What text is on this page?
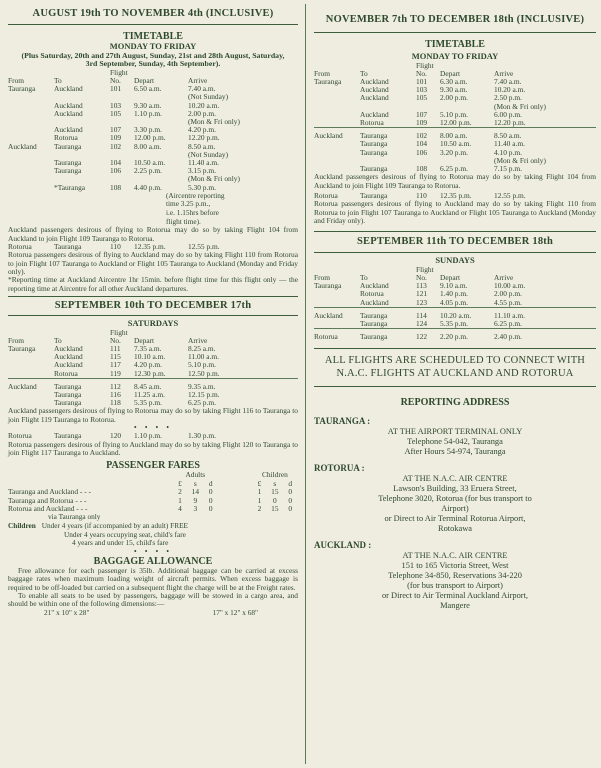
AUGUST 19th TO NOVEMBER 4th (INCLUSIVE)
TIMETABLE
MONDAY TO FRIDAY
(Plus Saturday, 20th and 27th August, Sunday, 21st and 28th August, Saturday, 3rd September, Sunday, 4th September).
		Flight		
From	To	No.	Depart	Arrive
Tauranga	Auckland	101	6.50 a.m.	7.40 a.m.
				(Not Sunday)
	Auckland	103	9.30 a.m.	10.20 a.m.
	Auckland	105	1.10 p.m.	2.00 p.m.
				(Mon & Fri only)
	Auckland	107	3.30 p.m.	4.20 p.m.
	Rotorua	109	12.00 p.m.	12.20 p.m.
Auckland	Tauranga	102	8.00 a.m.	8.50 a.m.
				(Not Sunday)
	Tauranga	104	10.50 a.m.	11.40 a.m.
	Tauranga	106	2.25 p.m.	3.15 p.m.
				(Mon & Fri only)
	*Tauranga	108	4.40 p.m.	5.30 p.m.
(Aircentre reporting
time 3.25 p.m.,
i.e. 1.15hrs before
flight time).

Auckland passengers desirous of flying to Rotorua may do so by taking Flight 104 from Auckland to join Flight 109 Tauranga to Rotorua.

Rotorua	Tauranga	110	12.35 p.m.	12.55 p.m.

Rotorua passengers desirous of flying to Auckland may do so by taking Flight 110 from Rotorua to join Flight 107 Tauranga to Auckland or Flight 105 Tauranga to Auckland (Monday and Friday only).

*Reporting time at Auckland Aircentre 1hr 15min. before flight time for this flight only — the reporting time at Aircentre for all other Auckland departures.

SEPTEMBER 10th TO DECEMBER 17th
SATURDAYS
		Flight		
From	To	No.	Depart	Arrive
Tauranga	Auckland	111	7.35 a.m.	8.25 a.m.
	Auckland	115	10.10 a.m.	11.00 a.m.
	Auckland	117	4.20 p.m.	5.10 p.m.
	Rotorua	119	12.30 p.m.	12.50 p.m.

Auckland	Tauranga	112	8.45 a.m.	9.35 a.m.
	Tauranga	116	11.25 a.m.	12.15 p.m.
	Tauranga	118	5.35 p.m.	6.25 p.m.

Auckland passengers desirous of flying to Rotorua may do so by taking Flight 116 to Tauranga to join Flight 119 Tauranga to Rotorua.

• • • •
Rotorua	Tauranga	120	1.10 p.m.	1.30 p.m.

Rotorua passengers desirous of flying to Auckland may do so by taking Flight 120 to Tauranga to join Flight 117 Tauranga to Auckland.

PASSENGER FARES
	Adults				Children		
	£	s	d		£	s	d
Tauranga and Auckland - - -	2	14	0		1	15	0
Tauranga and Rotorua - - -	1	9	0		1	0	0
Rotorua and Auckland - - -	4	3	0		2	15	0
via Tauranga only
Children Under 4 years (if accompanied by an adult) FREE
Under 4 years occupying seat, child's fare
4 years and under 15, child's fare
• • • •
BAGGAGE ALLOWANCE

Free allowance for each passenger is 35lb. Additional baggage can be carried at excess baggage rates when maximum loading weight of aircraft permits. When excess baggage is required to be off-loaded but carried on a subsequent flight the charge will be at the Freight rates.

To enable all seats to be used by passengers, baggage will be stowed in a cargo area, and should be within one of the following dimensions:—

21" x 10" x 28"	17" x 12" x 68"
NOVEMBER 7th TO DECEMBER 18th (INCLUSIVE)
TIMETABLE
MONDAY TO FRIDAY
		Flight		
From	To	No.	Depart	Arrive
Tauranga	Auckland	101	6.30 a.m.	7.40 a.m.
	Auckland	103	9.30 a.m.	10.20 a.m.
	Auckland	105	2.00 p.m.	2.50 p.m.
				(Mon & Fri only)
	Auckland	107	5.10 p.m.	6.00 p.m.
	Rotorua	109	12.00 p.m.	12.20 p.m.

Auckland	Tauranga	102	8.00 a.m.	8.50 a.m.
	Tauranga	104	10.50 a.m.	11.40 a.m.
	Tauranga	106	3.20 p.m.	4.10 p.m.
				(Mon & Fri only)
	Tauranga	108	6.25 p.m.	7.15 p.m.

Auckland passengers desirous of flying to Rotorua may do so by taking Flight 104 from Auckland to join Flight 109 Tauranga to Rotorua.

Rotorua	Tauranga	110	12.35 p.m.	12.55 p.m.

Rotorua passengers desirous of flying to Auckland may do so by taking Flight 110 from Rotorua to join Flight 107 Tauranga to Auckland or Flight 105 Tauranga to Auckland (Monday and Friday only).

SEPTEMBER 11th TO DECEMBER 18th
SUNDAYS
		Flight		
From	To	No.	Depart	Arrive
Tauranga	Auckland	113	9.10 a.m.	10.00 a.m.
	Rotorua	121	1.40 p.m.	2.00 p.m.
	Auckland	123	4.05 p.m.	4.55 p.m.

Auckland	Tauranga	114	10.20 a.m.	11.10 a.m.
	Tauranga	124	5.35 p.m.	6.25 p.m.

Rotorua	Tauranga	122	2.20 p.m.	2.40 p.m.
ALL FLIGHTS ARE SCHEDULED TO CONNECT WITH N.A.C. FLIGHTS AT AUCKLAND AND ROTORUA
REPORTING ADDRESS
TAURANGA :
AT THE AIRPORT TERMINAL ONLY
Telephone 54-042, Tauranga
After Hours 54-974, Tauranga
ROTORUA :
AT THE N.A.C. AIR CENTRE
Lawson's Building, 33 Eruera Street,
Telephone 3020, Rotorua (for bus transport to
Airport)
or Direct to Air Terminal Rotorua Airport,
Rotokawa
AUCKLAND :
AT THE N.A.C. AIR CENTRE
151 to 165 Victoria Street, West
Telephone 34-850, Reservations 34-220
(for bus transport to Airport)
or Direct to Air Terminal Auckland Airport,
Mangere
